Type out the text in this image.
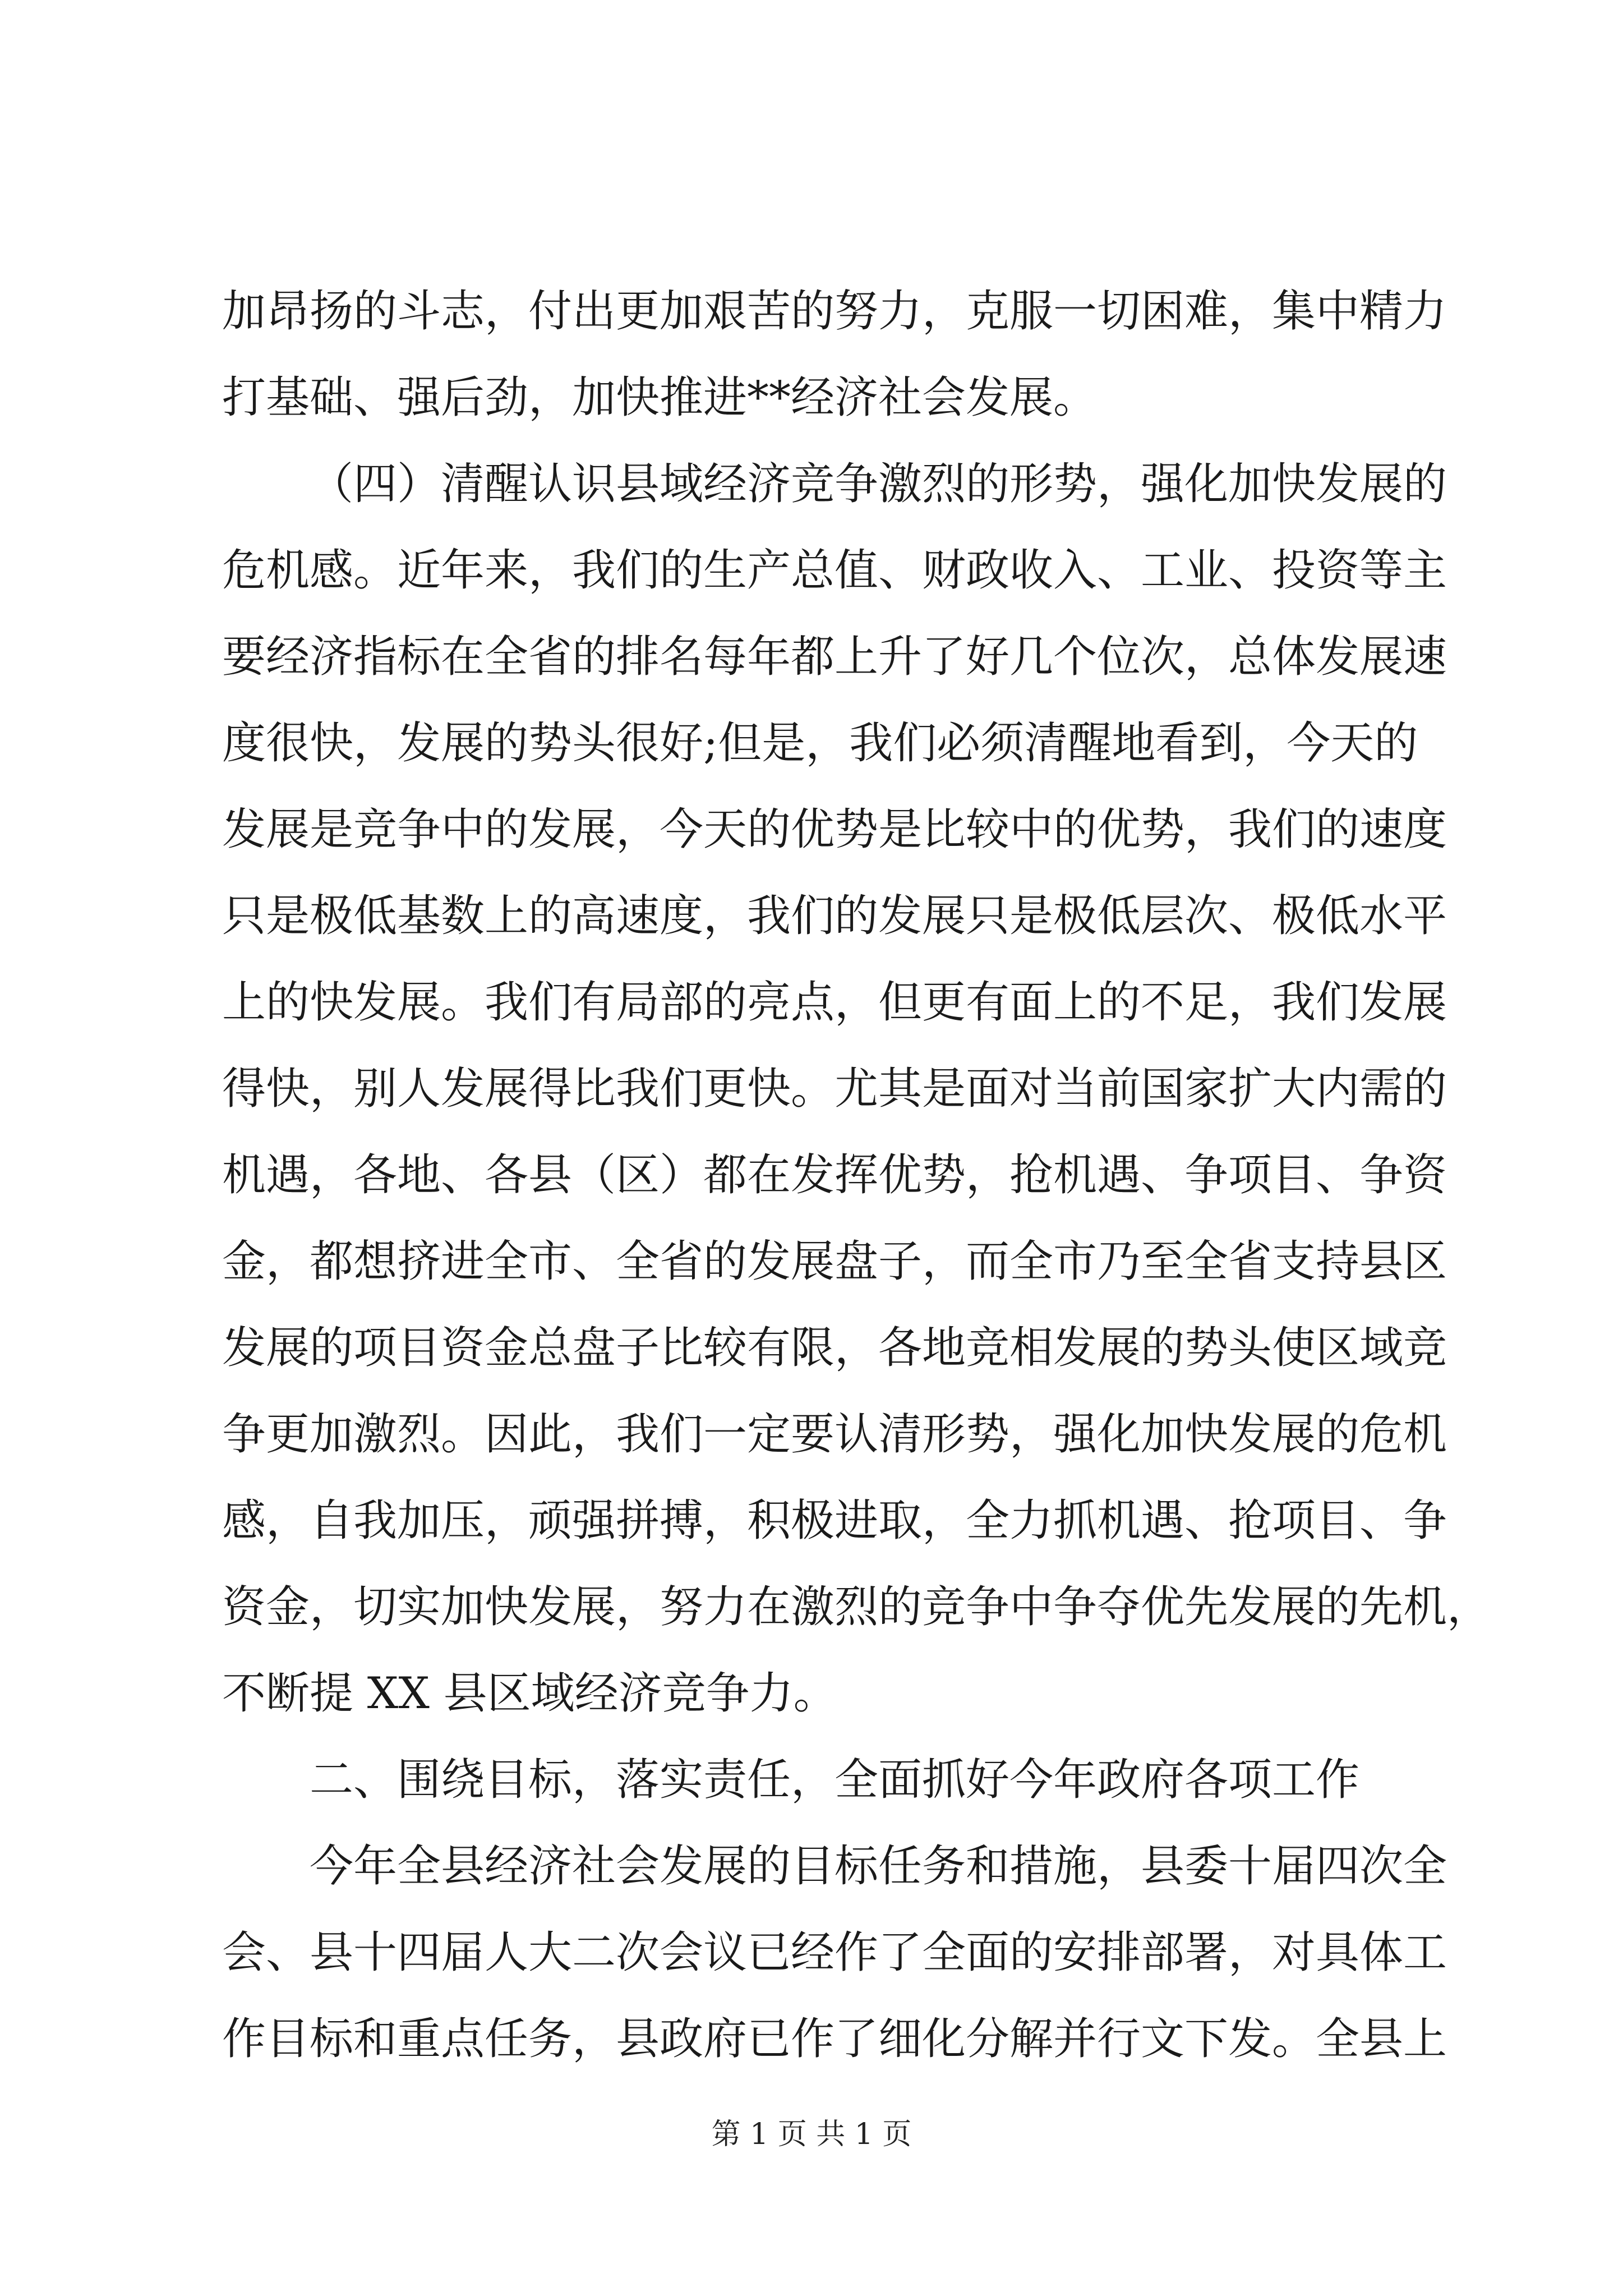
加昂扬的斗志，付出更加艰苦的努力，克服一切困难，集中精力
打基础、强后劲，加快推进**经济社会发展。
（四）清醒认识县域经济竞争激烈的形势，强化加快发展的
危机感。近年来，我们的生产总值、财政收入、工业、投资等主
要经济指标在全省的排名每年都上升了好几个位次，总体发展速
度很快，发展的势头很好;但是，我们必须清醒地看到，今天的
发展是竞争中的发展，今天的优势是比较中的优势，我们的速度
只是极低基数上的高速度，我们的发展只是极低层次、极低水平
上的快发展。我们有局部的亮点，但更有面上的不足，我们发展
得快，别人发展得比我们更快。尤其是面对当前国家扩大内需的
机遇，各地、各县（区）都在发挥优势，抢机遇、争项目、争资
金，都想挤进全市、全省的发展盘子，而全市乃至全省支持县区
发展的项目资金总盘子比较有限，各地竞相发展的势头使区域竞
争更加激烈。因此，我们一定要认清形势，强化加快发展的危机
感，自我加压，顽强拼搏，积极进取，全力抓机遇、抢项目、争
资金，切实加快发展，努力在激烈的竞争中争夺优先发展的先机，
不断提 XX 县区域经济竞争力。
二、围绕目标，落实责任，全面抓好今年政府各项工作
今年全县经济社会发展的目标任务和措施，县委十届四次全
会、县十四届人大二次会议已经作了全面的安排部署，对具体工
作目标和重点任务，县政府已作了细化分解并行文下发。全县上
第 1 页 共 1 页
